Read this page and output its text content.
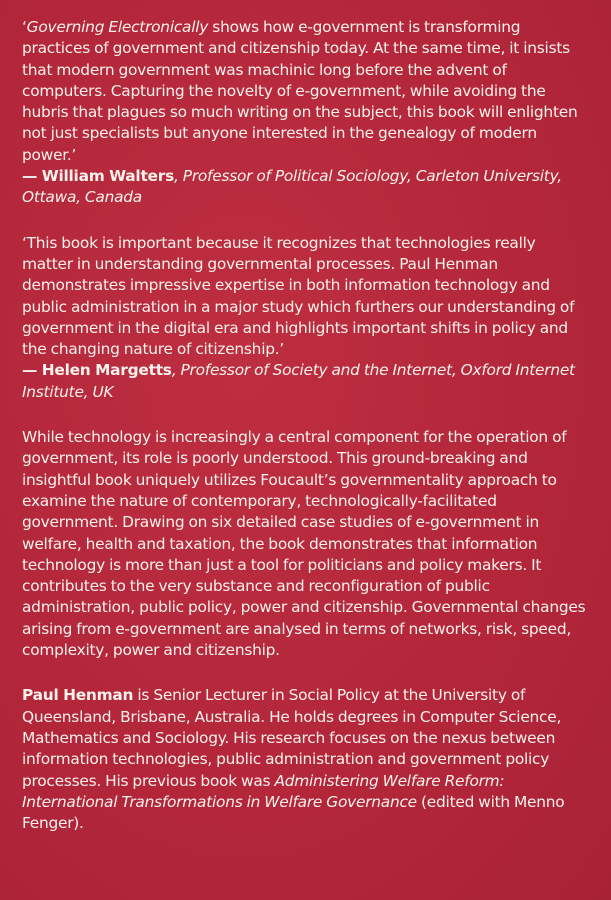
‘Governing Electronically shows how e-government is transforming practices of government and citizenship today. At the same time, it insists that modern government was machinic long before the advent of computers. Capturing the novelty of e-government, while avoiding the hubris that plagues so much writing on the subject, this book will enlighten not just specialists but anyone interested in the genealogy of modern power.’

— William Walters, Professor of Political Sociology, Carleton University, Ottawa, Canada

‘This book is important because it recognizes that technologies really matter in understanding governmental processes. Paul Henman demonstrates impressive expertise in both information technology and public administration in a major study which furthers our understanding of government in the digital era and highlights important shifts in policy and the changing nature of citizenship.’

— Helen Margetts, Professor of Society and the Internet, Oxford Internet Institute, UK

While technology is increasingly a central component for the operation of government, its role is poorly understood. This ground-breaking and insightful book uniquely utilizes Foucault’s governmentality approach to examine the nature of contemporary, technologically-facilitated government. Drawing on six detailed case studies of e-government in welfare, health and taxation, the book demonstrates that information technology is more than just a tool for politicians and policy makers. It contributes to the very substance and reconfiguration of public administration, public policy, power and citizenship. Governmental changes arising from e-government are analysed in terms of networks, risk, speed, complexity, power and citizenship.

Paul Henman is Senior Lecturer in Social Policy at the University of Queensland, Brisbane, Australia. He holds degrees in Computer Science, Mathematics and Sociology. His research focuses on the nexus between information technologies, public administration and government policy processes. His previous book was Administering Welfare Reform: International Transformations in Welfare Governance (edited with Menno Fenger).
